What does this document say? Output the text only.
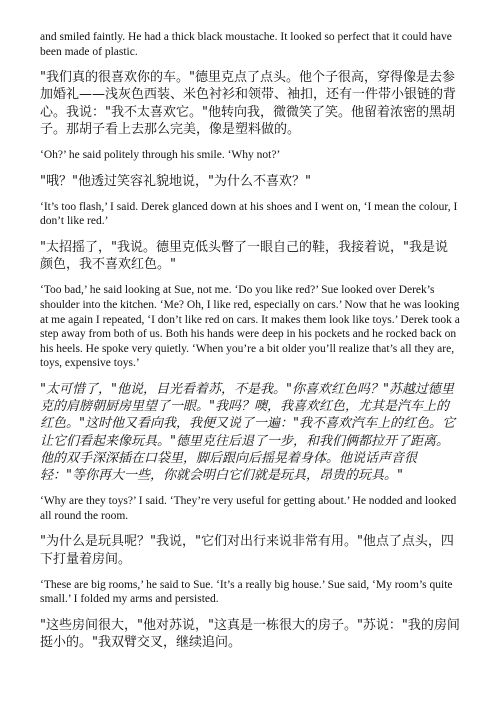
and smiled faintly. He had a thick black moustache. It looked so perfect that it could have been made of plastic.

"我们真的很喜欢你的车。"德里克点了点头。他个子很高，穿得像是去参加婚礼——浅灰色西装、米色衬衫和领带、袖扣，还有一件带小银链的背心。我说："我不太喜欢它。"他转向我，微微笑了笑。他留着浓密的黑胡子。那胡子看上去那么完美，像是塑料做的。

‘Oh?’ he said politely through his smile. ‘Why not?’

"哦？"他透过笑容礼貌地说，"为什么不喜欢？"

‘It’s too flash,’ I said. Derek glanced down at his shoes and I went on, ‘I mean the colour, I don’t like red.’

"太招摇了，"我说。德里克低头瞥了一眼自己的鞋，我接着说，"我是说颜色，我不喜欢红色。"

‘Too bad,’ he said looking at Sue, not me. ‘Do you like red?’ Sue looked over Derek’s shoulder into the kitchen. ‘Me? Oh, I like red, especially on cars.’ Now that he was looking at me again I repeated, ‘I don’t like red on cars. It makes them look like toys.’ Derek took a step away from both of us. Both his hands were deep in his pockets and he rocked back on his heels. He spoke very quietly. ‘When you’re a bit older you’ll realize that’s all they are, toys, expensive toys.’

"太可惜了，"他说，目光看着苏，不是我。"你喜欢红色吗？"苏越过德里克的肩膀朝厨房里望了一眼。"我吗？噢，我喜欢红色，尤其是汽车上的红色。"这时他又看向我，我便又说了一遍："我不喜欢汽车上的红色。它让它们看起来像玩具。"德里克往后退了一步，和我们俩都拉开了距离。他的双手深深插在口袋里，脚后跟向后摇晃着身体。他说话声音很轻："等你再大一些，你就会明白它们就是玩具，昂贵的玩具。"

‘Why are they toys?’ I said. ‘They’re very useful for getting about.’ He nodded and looked all round the room.

"为什么是玩具呢？"我说，"它们对出行来说非常有用。"他点了点头，四下打量着房间。

‘These are big rooms,’ he said to Sue. ‘It’s a really big house.’ Sue said, ‘My room’s quite small.’ I folded my arms and persisted.

"这些房间很大，"他对苏说，"这真是一栋很大的房子。"苏说："我的房间挺小的。"我双臂交叉，继续追问。
